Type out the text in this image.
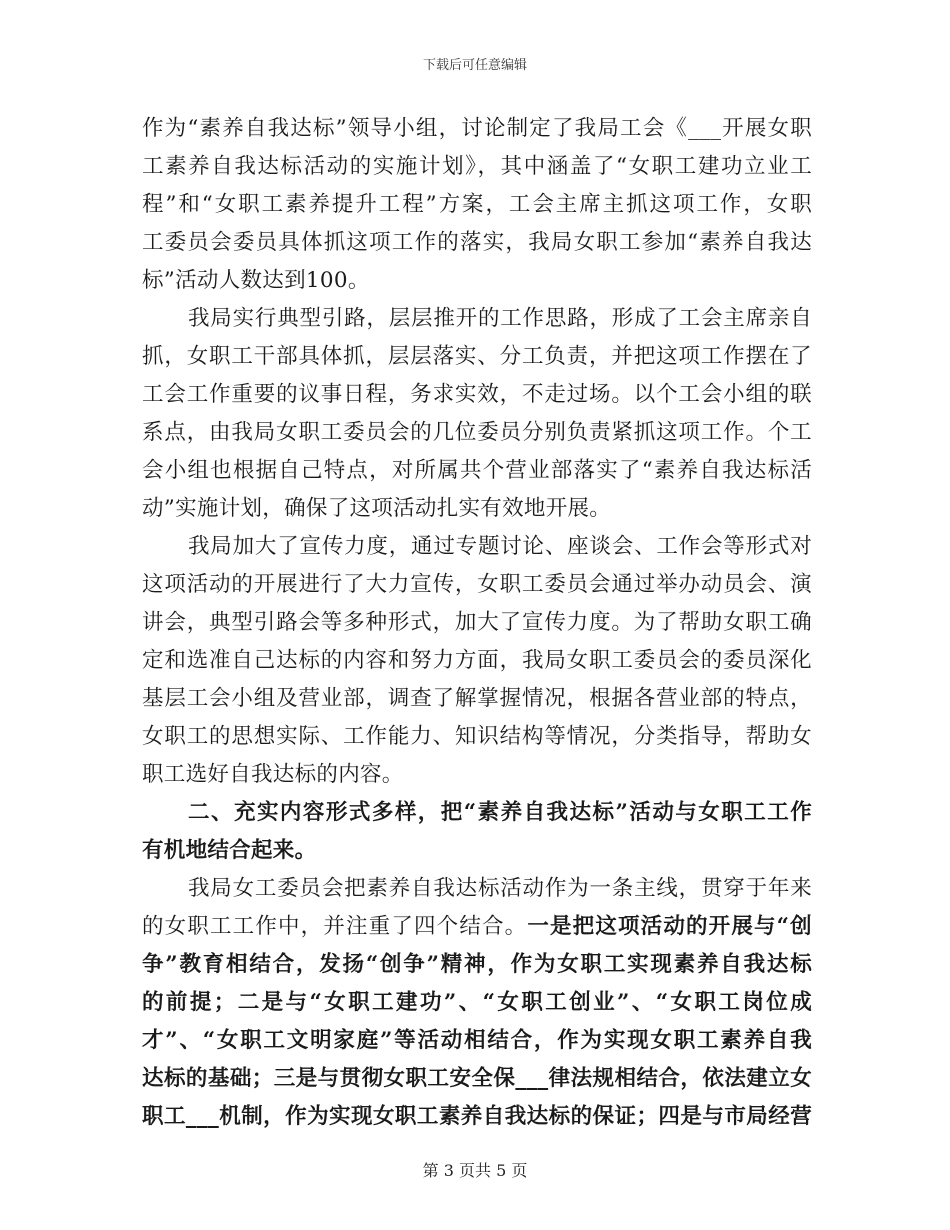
下载后可任意编辑
作为“素养自我达标”领导小组，讨论制定了我局工会《___开展女职
工素养自我达标活动的实施计划》，其中涵盖了“女职工建功立业工
程”和“女职工素养提升工程”方案，工会主席主抓这项工作，女职
工委员会委员具体抓这项工作的落实，我局女职工参加“素养自我达
标”活动人数达到100。
我局实行典型引路，层层推开的工作思路，形成了工会主席亲自
抓，女职工干部具体抓，层层落实、分工负责，并把这项工作摆在了
工会工作重要的议事日程，务求实效，不走过场。以个工会小组的联
系点，由我局女职工委员会的几位委员分别负责紧抓这项工作。个工
会小组也根据自己特点，对所属共个营业部落实了“素养自我达标活
动”实施计划，确保了这项活动扎实有效地开展。
我局加大了宣传力度，通过专题讨论、座谈会、工作会等形式对
这项活动的开展进行了大力宣传，女职工委员会通过举办动员会、演
讲会，典型引路会等多种形式，加大了宣传力度。为了帮助女职工确
定和选准自己达标的内容和努力方面，我局女职工委员会的委员深化
基层工会小组及营业部，调查了解掌握情况，根据各营业部的特点，
女职工的思想实际、工作能力、知识结构等情况，分类指导，帮助女
职工选好自我达标的内容。
二、充实内容形式多样，把“素养自我达标”活动与女职工工作
有机地结合起来。
我局女工委员会把素养自我达标活动作为一条主线，贯穿于年来
的女职工工作中，并注重了四个结合。一是把这项活动的开展与“创
争”教育相结合，发扬“创争”精神，作为女职工实现素养自我达标
的前提；二是与“女职工建功”、“女职工创业”、“女职工岗位成
才”、“女职工文明家庭”等活动相结合，作为实现女职工素养自我
达标的基础；三是与贯彻女职工安全保___律法规相结合，依法建立女
职工___机制，作为实现女职工素养自我达标的保证；四是与市局经营
第 3 页共 5 页
